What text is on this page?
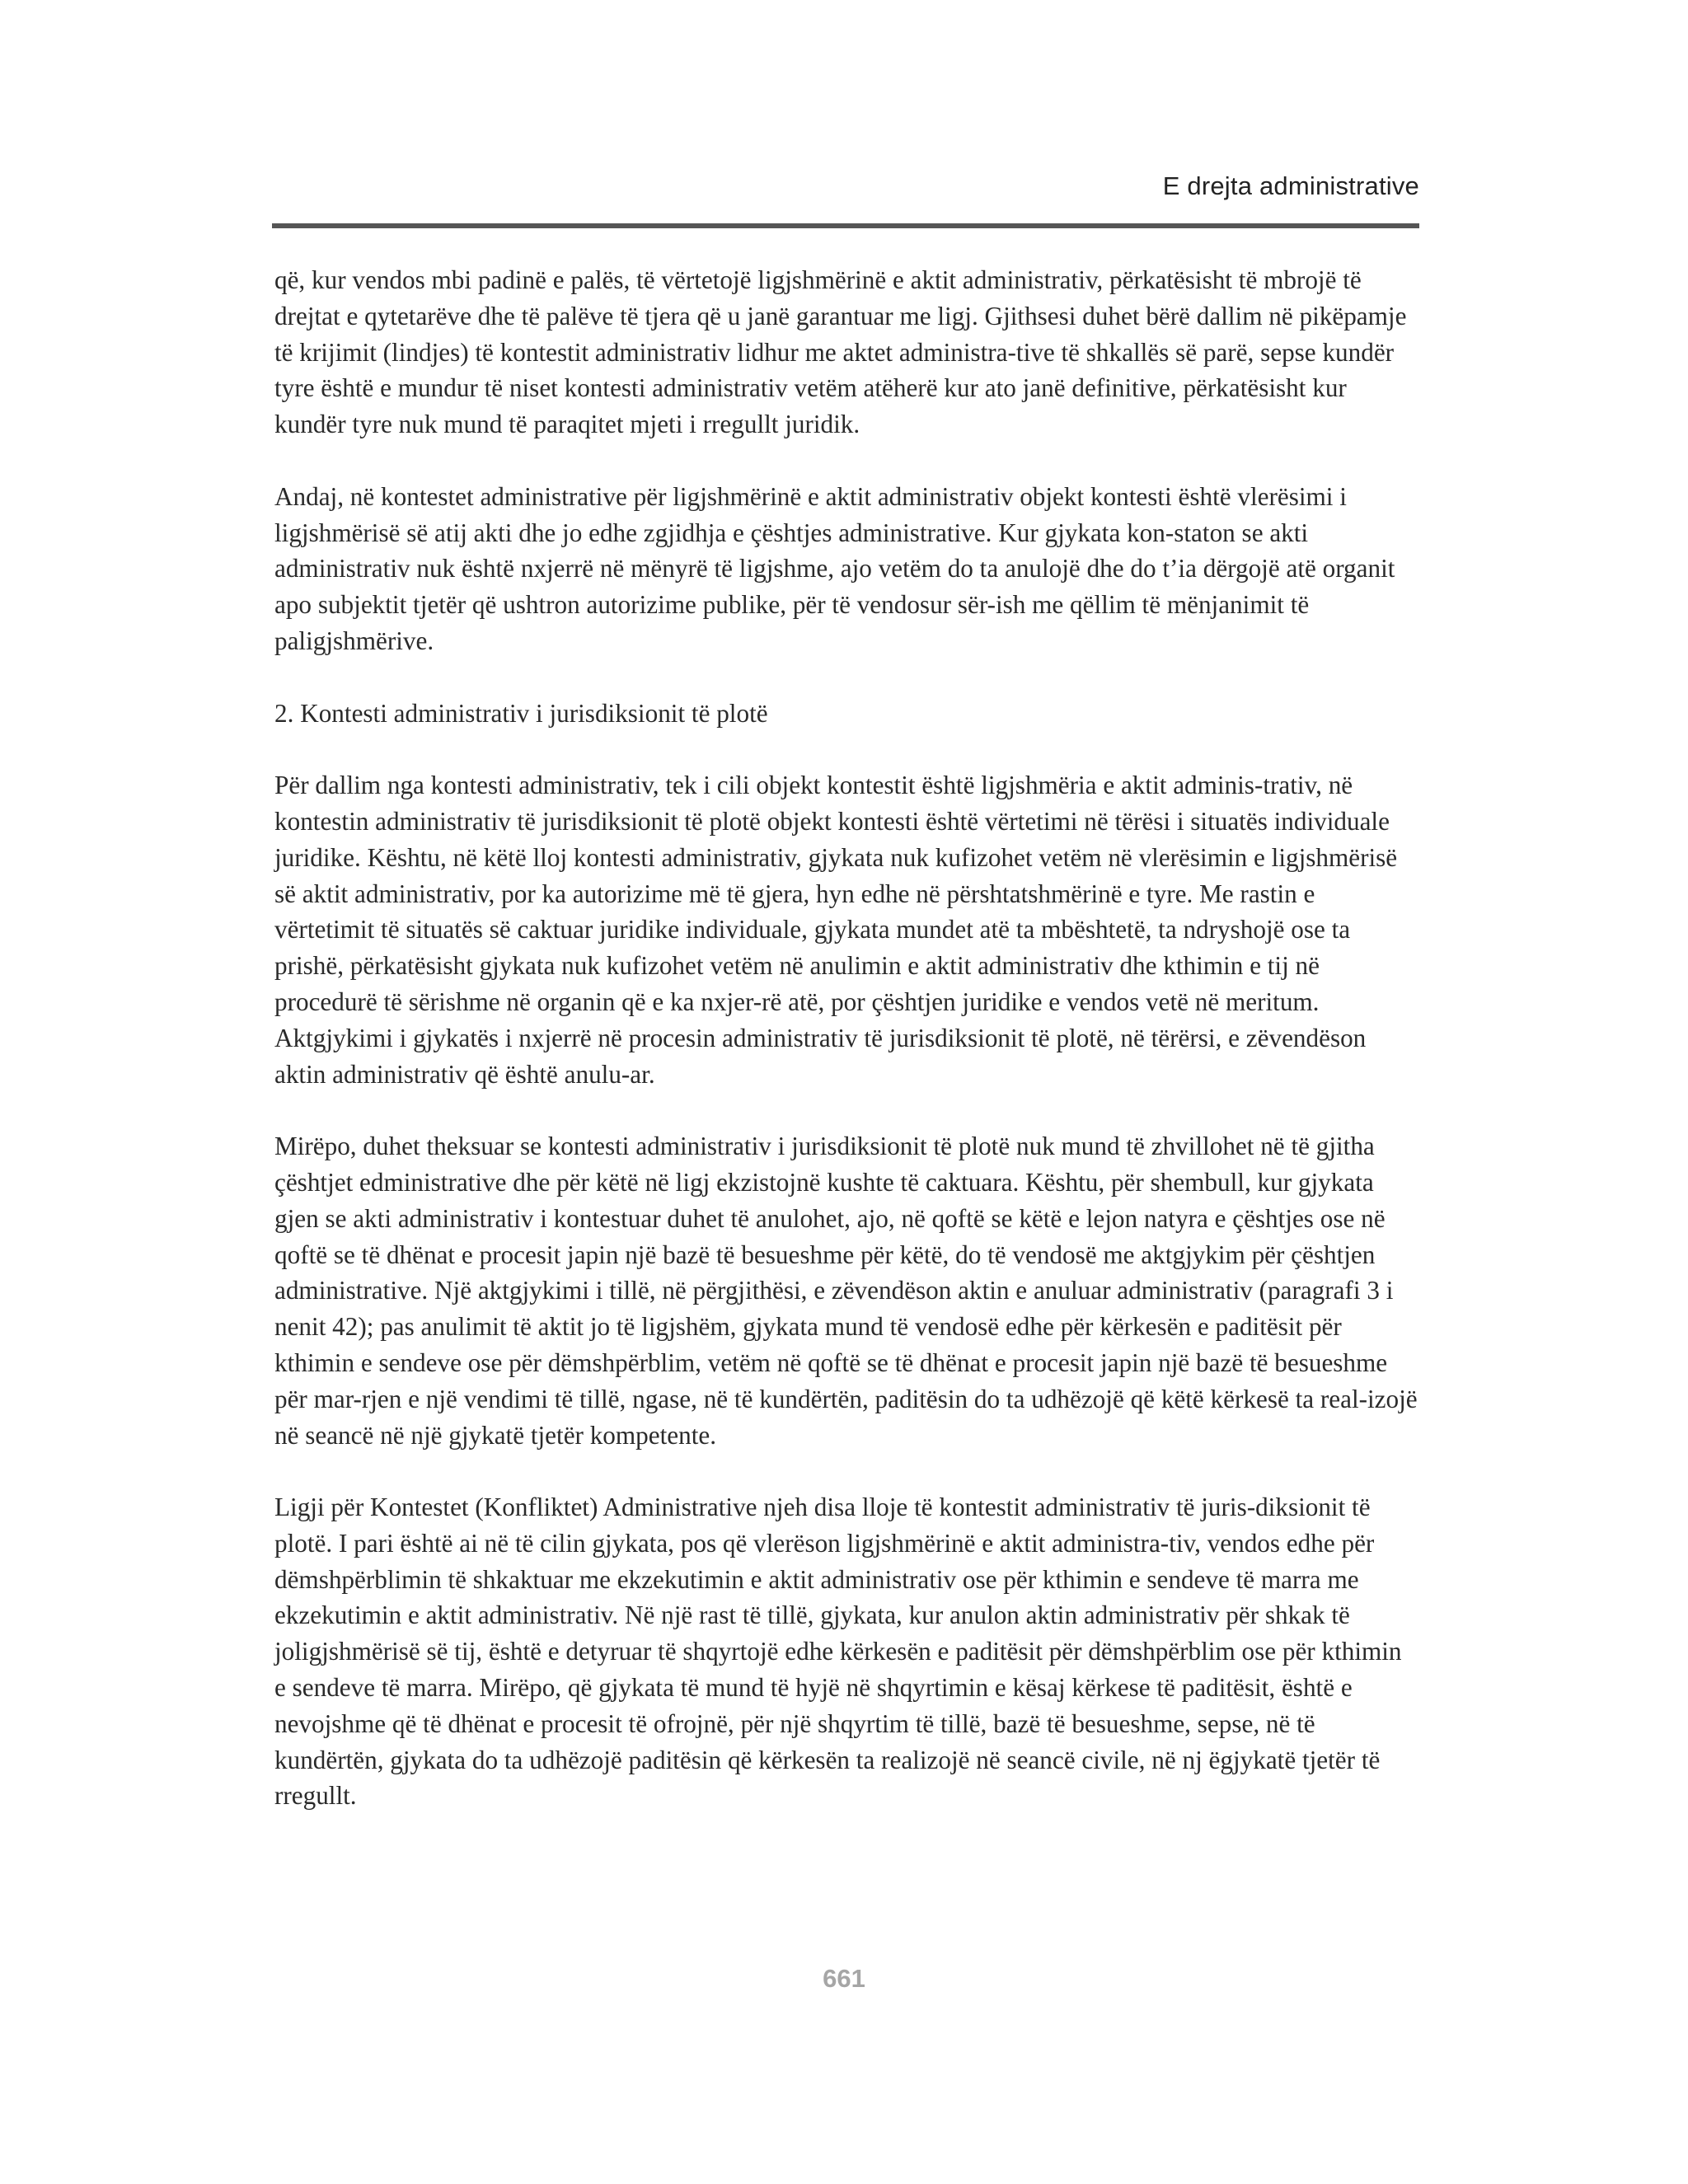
E drejta administrative

që, kur vendos mbi padinë e palës, të vërtetojë ligjshmërinë e aktit administrativ, përkatësisht të mbrojë të drejtat e qytetarëve dhe të palëve të tjera që u janë garantuar me ligj. Gjithsesi duhet bërë dallim në pikëpamje të krijimit (lindjes) të kontestit administrativ lidhur me aktet administra-tive të shkallës së parë, sepse kundër tyre është e mundur të niset kontesti administrativ vetëm atëherë kur ato janë definitive, përkatësisht kur kundër tyre nuk mund të paraqitet mjeti i rregullt juridik.

Andaj, në kontestet administrative për ligjshmërinë e aktit administrativ objekt kontesti është vlerësimi i ligjshmërisë së atij akti dhe jo edhe zgjidhja e çështjes administrative. Kur gjykata kon-staton se akti administrativ nuk është nxjerrë në mënyrë të ligjshme, ajo vetëm do ta anulojë dhe do t’ia dërgojë atë organit apo subjektit tjetër që ushtron autorizime publike, për të vendosur sër-ish me qëllim të mënjanimit të paligjshmërive.

2. Kontesti administrativ i jurisdiksionit të plotë

Për dallim nga kontesti administrativ, tek i cili objekt kontestit është ligjshmëria e aktit adminis-trativ, në kontestin administrativ të jurisdiksionit të plotë objekt kontesti është vërtetimi në tërësi i situatës individuale juridike. Kështu, në këtë lloj kontesti administrativ, gjykata nuk kufizohet vetëm në vlerësimin e ligjshmërisë së aktit administrativ, por ka autorizime më të gjera, hyn edhe në përshtatshmërinë e tyre. Me rastin e vërtetimit të situatës së caktuar juridike individuale, gjykata mundet atë ta mbështetë, ta ndryshojë ose ta prishë, përkatësisht gjykata nuk kufizohet vetëm në anulimin e aktit administrativ dhe kthimin e tij në procedurë të sërishme në organin që e ka nxjer-rë atë, por çështjen juridike e vendos vetë në meritum. Aktgjykimi i gjykatës i nxjerrë në procesin administrativ të jurisdiksionit të plotë, në tërërsi, e zëvendëson aktin administrativ që është anulu-ar.

Mirëpo, duhet theksuar se kontesti administrativ i jurisdiksionit të plotë nuk mund të zhvillohet në të gjitha çështjet edministrative dhe për këtë në ligj ekzistojnë kushte të caktuara. Kështu, për shembull, kur gjykata gjen se akti administrativ i kontestuar duhet të anulohet, ajo, në qoftë se këtë e lejon natyra e çështjes ose në qoftë se të dhënat e procesit japin një bazë të besueshme për këtë, do të vendosë me aktgjykim për çështjen administrative. Një aktgjykimi i tillë, në përgjithësi, e zëvendëson aktin e anuluar administrativ (paragrafi 3 i nenit 42); pas anulimit të aktit jo të ligjshëm, gjykata mund të vendosë edhe për kërkesën e paditësit për kthimin e sendeve ose për dëmshpërblim, vetëm në qoftë se të dhënat e procesit japin një bazë të besueshme për mar-rjen e një vendimi të tillë, ngase, në të kundërtën, paditësin do ta udhëzojë që këtë kërkesë ta real-izojë në seancë në një gjykatë tjetër kompetente.

Ligji për Kontestet (Konfliktet) Administrative njeh disa lloje të kontestit administrativ të juris-diksionit të plotë. I pari është ai në të cilin gjykata, pos që vlerëson ligjshmërinë e aktit administra-tiv, vendos edhe për dëmshpërblimin të shkaktuar me ekzekutimin e aktit administrativ ose për kthimin e sendeve të marra me ekzekutimin e aktit administrativ. Në një rast të tillë, gjykata, kur anulon aktin administrativ për shkak të joligjshmërisë së tij, është e detyruar të shqyrtojë edhe kërkesën e paditësit për dëmshpërblim ose për kthimin e sendeve të marra. Mirëpo, që gjykata të mund të hyjë në shqyrtimin e kësaj kërkese të paditësit, është e nevojshme që të dhënat e procesit të ofrojnë, për një shqyrtim të tillë, bazë të besueshme, sepse, në të kundërtën, gjykata do ta udhëzojë paditësin që kërkesën ta realizojë në seancë civile, në nj ëgjykatë tjetër të rregullt.

661
